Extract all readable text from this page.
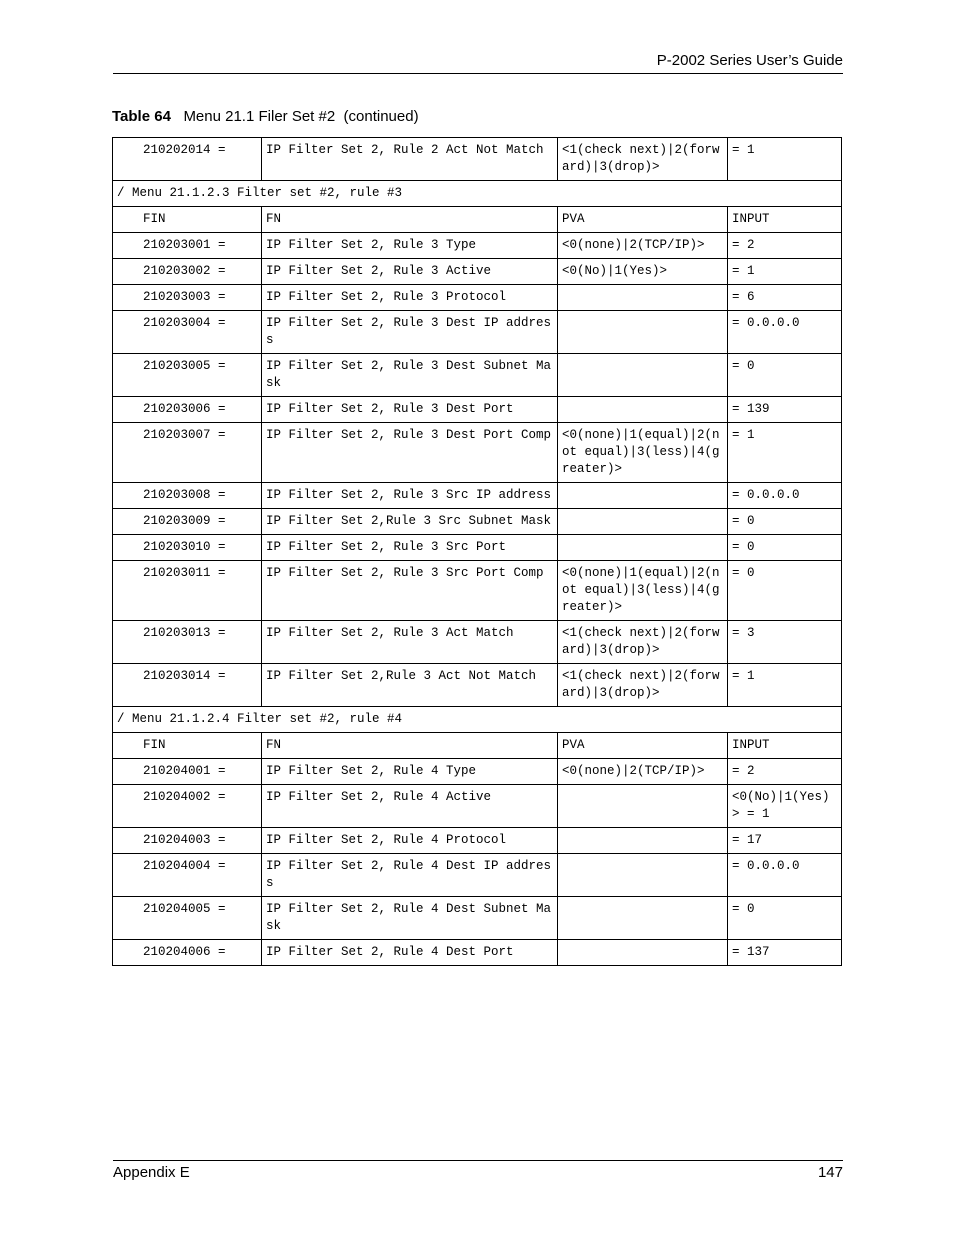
P-2002 Series User’s Guide
Table 64 Menu 21.1 Filer Set #2  (continued)
210202014 =	IP Filter Set 2, Rule 2 Act Not Match	<1(check next)|2(forward)|3(drop)>	= 1
/ Menu 21.1.2.3 Filter set #2, rule #3			
FIN	FN	PVA	INPUT
210203001 =	IP Filter Set 2, Rule 3 Type	<0(none)|2(TCP/IP)>	= 2
210203002 =	IP Filter Set 2, Rule 3 Active	<0(No)|1(Yes)>	= 1
210203003 =	IP Filter Set 2, Rule 3 Protocol		= 6
210203004 =	IP Filter Set 2, Rule 3 Dest IP address		= 0.0.0.0
210203005 =	IP Filter Set 2, Rule 3 Dest Subnet Mask		= 0
210203006 =	IP Filter Set 2, Rule 3 Dest Port		= 139
210203007 =	IP Filter Set 2, Rule 3 Dest Port Comp	<0(none)|1(equal)|2(not equal)|3(less)|4(greater)>	= 1
210203008 =	IP Filter Set 2, Rule 3 Src IP address		= 0.0.0.0
210203009 =	IP Filter Set 2,Rule 3 Src Subnet Mask		= 0
210203010 =	IP Filter Set 2, Rule 3 Src Port		= 0
210203011 =	IP Filter Set 2, Rule 3 Src Port Comp	<0(none)|1(equal)|2(not equal)|3(less)|4(greater)>	= 0
210203013 =	IP Filter Set 2, Rule 3 Act Match	<1(check next)|2(forward)|3(drop)>	= 3
210203014 =	IP Filter Set 2,Rule 3 Act Not Match	<1(check next)|2(forward)|3(drop)>	= 1
/ Menu 21.1.2.4 Filter set #2, rule #4			
FIN	FN	PVA	INPUT
210204001 =	IP Filter Set 2, Rule 4 Type	<0(none)|2(TCP/IP)>	= 2
210204002 =	IP Filter Set 2, Rule 4 Active		<0(No)|1(Yes)> = 1
210204003 =	IP Filter Set 2, Rule 4 Protocol		= 17
210204004 =	IP Filter Set 2, Rule 4 Dest IP address		= 0.0.0.0
210204005 =	IP Filter Set 2, Rule 4 Dest Subnet Mask		= 0
210204006 =	IP Filter Set 2, Rule 4 Dest Port		= 137
Appendix E	147
